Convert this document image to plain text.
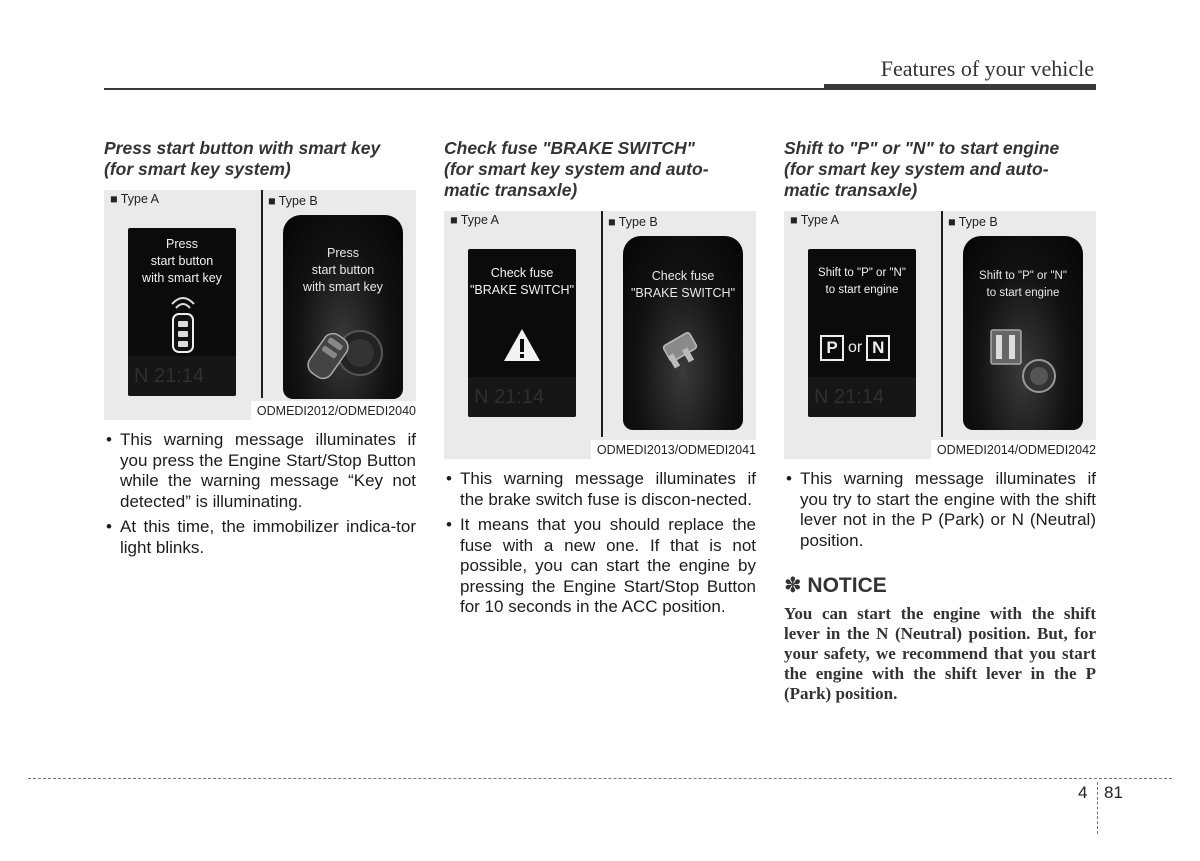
Features of your vehicle
Press start button with smart key
(for smart key system)
■ Type A	■ Type B
Press
start button
with smart key
N 21:14
Press
start button
with smart key
ODMEDI2012/ODMEDI2040
• This warning message illuminates if you press the Engine Start/Stop Button while the warning message “Key not detected” is illuminating.
• At this time, the immobilizer indica-tor light blinks.
Check fuse "BRAKE SWITCH"
(for smart key system and auto-
matic transaxle)
■ Type A	■ Type B
Check fuse
"BRAKE SWITCH"
N 21:14
Check fuse
"BRAKE SWITCH"
ODMEDI2013/ODMEDI2041
• This warning message illuminates if the brake switch fuse is discon-nected.
• It means that you should replace the fuse with a new one. If that is not possible, you can start the engine by pressing the Engine Start/Stop Button for 10 seconds in the ACC position.
Shift to "P" or "N" to start engine
(for smart key system and auto-
matic transaxle)
■ Type A	■ Type B
Shift to "P" or "N"
to start engine
P or N
N 21:14
Shift to "P" or "N"
to start engine
ODMEDI2014/ODMEDI2042
• This warning message illuminates if you try to start the engine with the shift lever not in the P (Park) or N (Neutral) position.
✽ NOTICE
You can start the engine with the shift lever in the N (Neutral) position. But, for your safety, we recommend that you start the engine with the shift lever in the P (Park) position.
4 81
